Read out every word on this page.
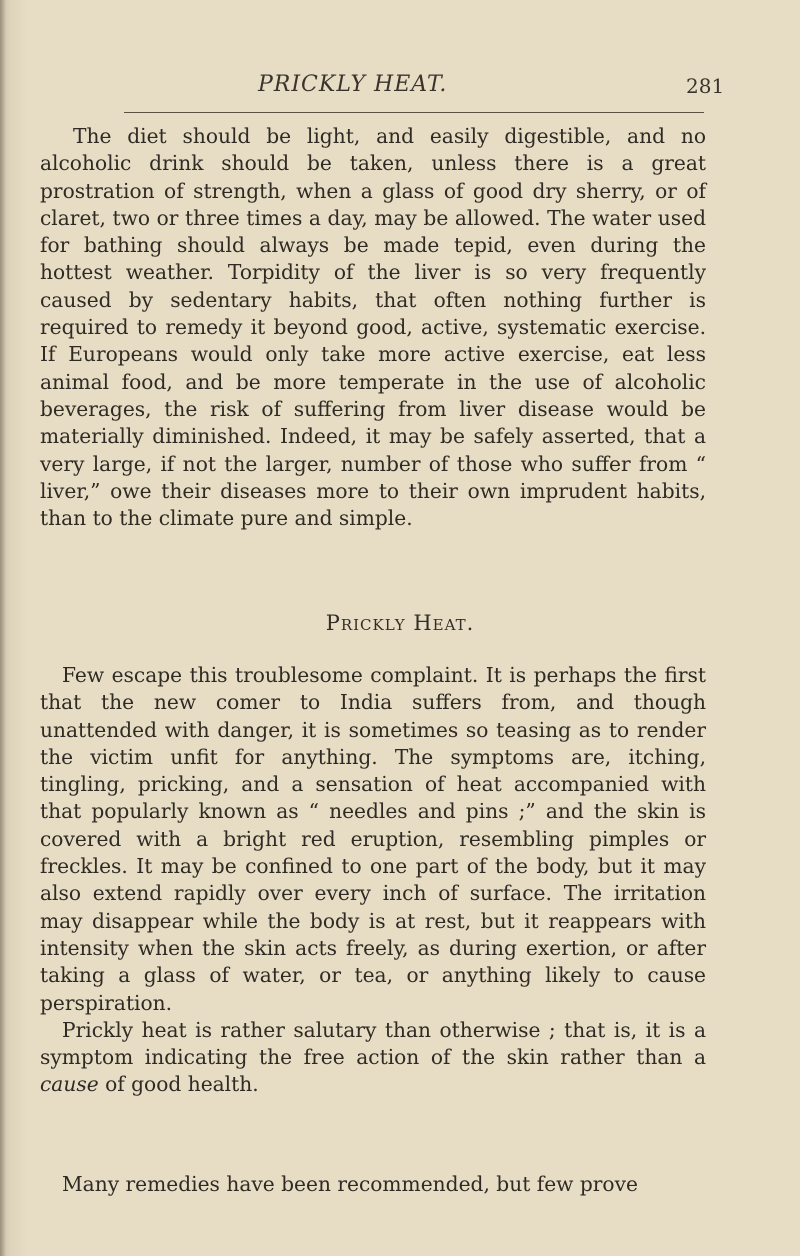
PRICKLY HEAT.	281

The diet should be light, and easily digestible, and no alcoholic drink should be taken, unless there is a great prostration of strength, when a glass of good dry sherry, or of claret, two or three times a day, may be allowed. The water used for bathing should always be made tepid, even during the hottest weather. Torpidity of the liver is so very frequently caused by sedentary habits, that often nothing further is required to remedy it beyond good, active, systematic exercise. If Europeans would only take more active exercise, eat less animal food, and be more temperate in the use of alcoholic beverages, the risk of suffering from liver disease would be materially diminished. Indeed, it may be safely asserted, that a very large, if not the larger, number of those who suffer from “ liver,” owe their diseases more to their own imprudent habits, than to the climate pure and simple.

Prickly Heat.

Few escape this troublesome complaint. It is perhaps the first that the new comer to India suffers from, and though unattended with danger, it is sometimes so teasing as to render the victim unfit for anything. The symptoms are, itching, tingling, pricking, and a sensation of heat accompanied with that popularly known as “ needles and pins ;” and the skin is covered with a bright red eruption, resembling pimples or freckles. It may be confined to one part of the body, but it may also extend rapidly over every inch of surface. The irritation may disappear while the body is at rest, but it reappears with intensity when the skin acts freely, as during exertion, or after taking a glass of water, or tea, or anything likely to cause perspiration.

Prickly heat is rather salutary than otherwise ; that is, it is a symptom indicating the free action of the skin rather than a cause of good health.

Many remedies have been recommended, but few prove
